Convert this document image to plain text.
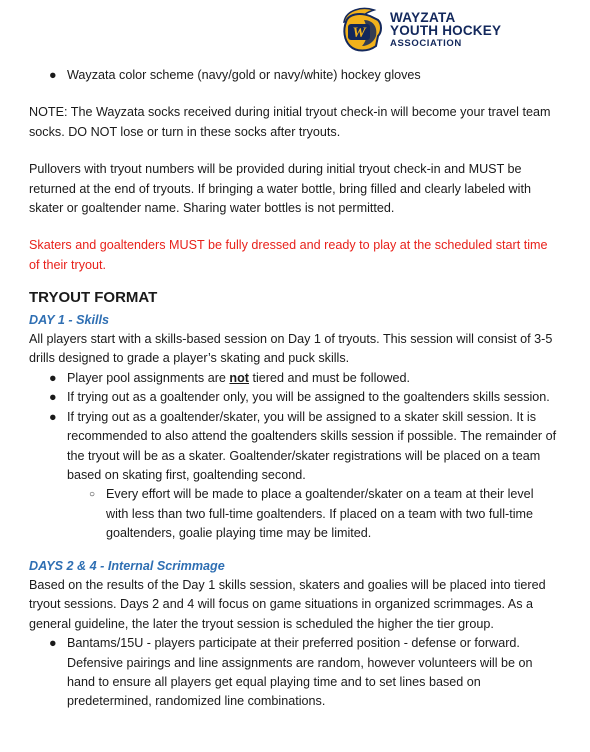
W
WAYZATA
YOUTH HOCKEY
ASSOCIATION
● Wayzata color scheme (navy/gold or navy/white) hockey gloves

NOTE: The Wayzata socks received during initial tryout check-in will become your travel team socks. DO NOT lose or turn in these socks after tryouts.

Pullovers with tryout numbers will be provided during initial tryout check-in and MUST be returned at the end of tryouts. If bringing a water bottle, bring filled and clearly labeled with skater or goaltender name. Sharing water bottles is not permitted.

Skaters and goaltenders MUST be fully dressed and ready to play at the scheduled start time of their tryout.

TRYOUT FORMAT
DAY 1 - Skills

All players start with a skills-based session on Day 1 of tryouts. This session will consist of 3-5 drills designed to grade a player’s skating and puck skills.

● Player pool assignments are not tiered and must be followed.
● If trying out as a goaltender only, you will be assigned to the goaltenders skills session.
● If trying out as a goaltender/skater, you will be assigned to a skater skill session. It is recommended to also attend the goaltenders skills session if possible. The remainder of the tryout will be as a skater. Goaltender/skater registrations will be placed on a team based on skating first, goaltending second.
○ Every effort will be made to place a goaltender/skater on a team at their level with less than two full-time goaltenders. If placed on a team with two full-time goaltenders, goalie playing time may be limited.
DAYS 2 & 4 - Internal Scrimmage

Based on the results of the Day 1 skills session, skaters and goalies will be placed into tiered tryout sessions. Days 2 and 4 will focus on game situations in organized scrimmages. As a general guideline, the later the tryout session is scheduled the higher the tier group.

● Bantams/15U - players participate at their preferred position - defense or forward. Defensive pairings and line assignments are random, however volunteers will be on hand to ensure all players get equal playing time and to set lines based on predetermined, randomized line combinations.
